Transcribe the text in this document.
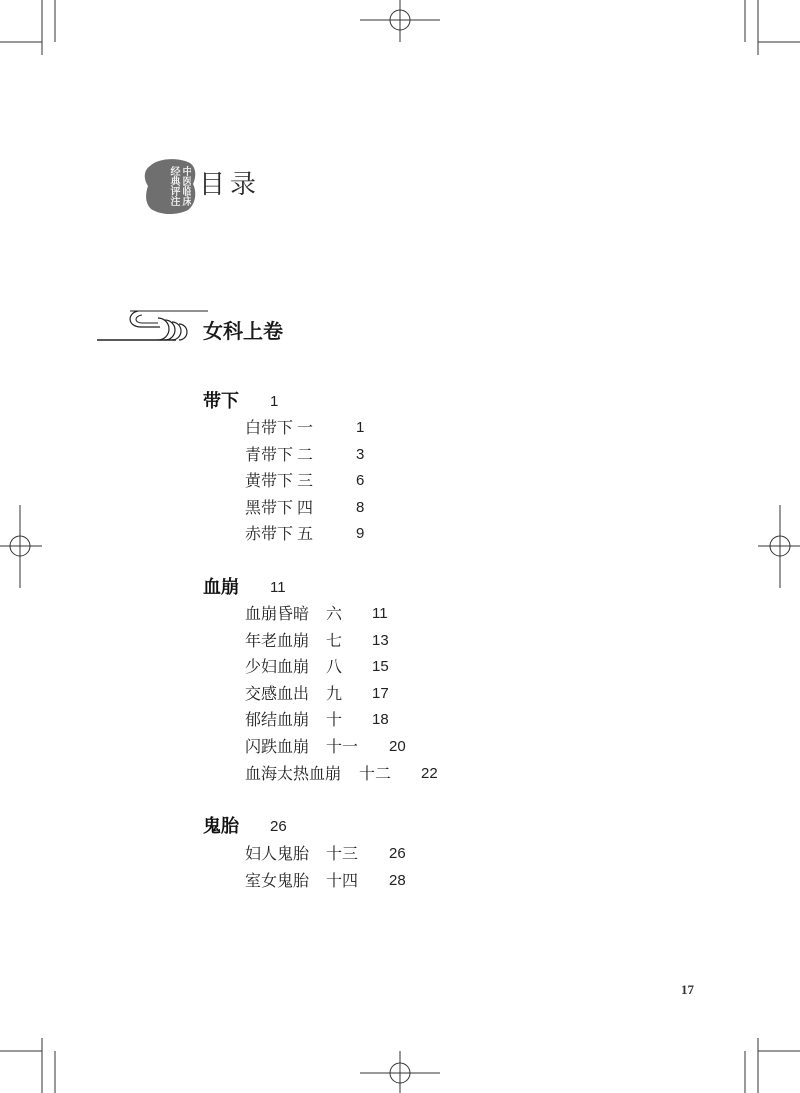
中医临床经典评注 目录
女科上卷
带下 1
白带下 一	1
青带下 二	3
黄带下 三	6
黑带下 四	8
赤带下 五	9
血崩 11
血崩昏暗 六 11
年老血崩 七 13
少妇血崩 八 15
交感血出 九 17
郁结血崩 十 18
闪跌血崩 十一 20
血海太热血崩 十二 22
鬼胎 26
妇人鬼胎 十三 26
室女鬼胎 十四 28
17
